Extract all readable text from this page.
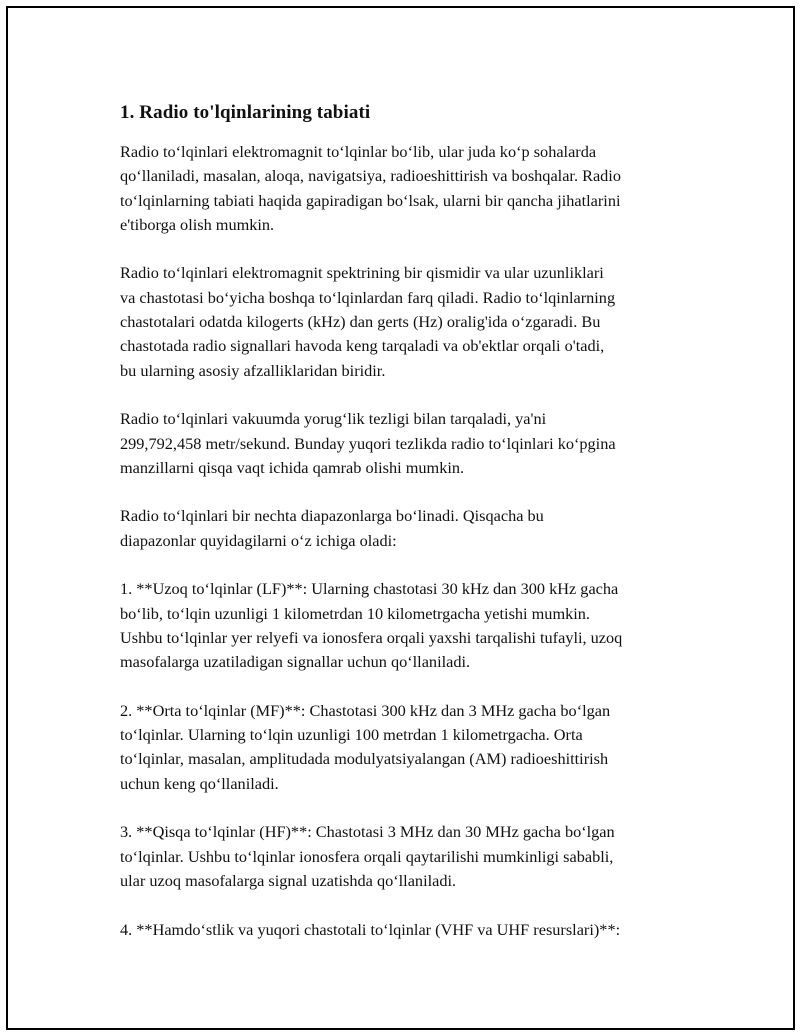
1. Radio to'lqinlarining tabiati

Radio to‘lqinlari elektromagnit to‘lqinlar bo‘lib, ular juda ko‘p sohalarda
qo‘llaniladi, masalan, aloqa, navigatsiya, radioeshittirish va boshqalar. Radio
to‘lqinlarning tabiati haqida gapiradigan bo‘lsak, ularni bir qancha jihatlarini
e'tiborga olish mumkin.

Radio to‘lqinlari elektromagnit spektrining bir qismidir va ular uzunliklari
va chastotasi bo‘yicha boshqa to‘lqinlardan farq qiladi. Radio to‘lqinlarning
chastotalari odatda kilogerts (kHz) dan gerts (Hz) oralig'ida o‘zgaradi. Bu
chastotada radio signallari havoda keng tarqaladi va ob'ektlar orqali o'tadi,
bu ularning asosiy afzalliklaridan biridir.

Radio to‘lqinlari vakuumda yorug‘lik tezligi bilan tarqaladi, ya'ni
299,792,458 metr/sekund. Bunday yuqori tezlikda radio to‘lqinlari ko‘pgina
manzillarni qisqa vaqt ichida qamrab olishi mumkin.

Radio to‘lqinlari bir nechta diapazonlarga bo‘linadi. Qisqacha bu
diapazonlar quyidagilarni o‘z ichiga oladi:

1. **Uzoq to‘lqinlar (LF)**: Ularning chastotasi 30 kHz dan 300 kHz gacha
bo‘lib, to‘lqin uzunligi 1 kilometrdan 10 kilometrgacha yetishi mumkin.
Ushbu to‘lqinlar yer relyefi va ionosfera orqali yaxshi tarqalishi tufayli, uzoq
masofalarga uzatiladigan signallar uchun qo‘llaniladi.

2. **Orta to‘lqinlar (MF)**: Chastotasi 300 kHz dan 3 MHz gacha bo‘lgan
to‘lqinlar. Ularning to‘lqin uzunligi 100 metrdan 1 kilometrgacha. Orta
to‘lqinlar, masalan, amplitudada modulyatsiyalangan (AM) radioeshittirish
uchun keng qo‘llaniladi.

3. **Qisqa to‘lqinlar (HF)**: Chastotasi 3 MHz dan 30 MHz gacha bo‘lgan
to‘lqinlar. Ushbu to‘lqinlar ionosfera orqali qaytarilishi mumkinligi sababli,
ular uzoq masofalarga signal uzatishda qo‘llaniladi.

4. **Hamdo‘stlik va yuqori chastotali to‘lqinlar (VHF va UHF resurslari)**:
